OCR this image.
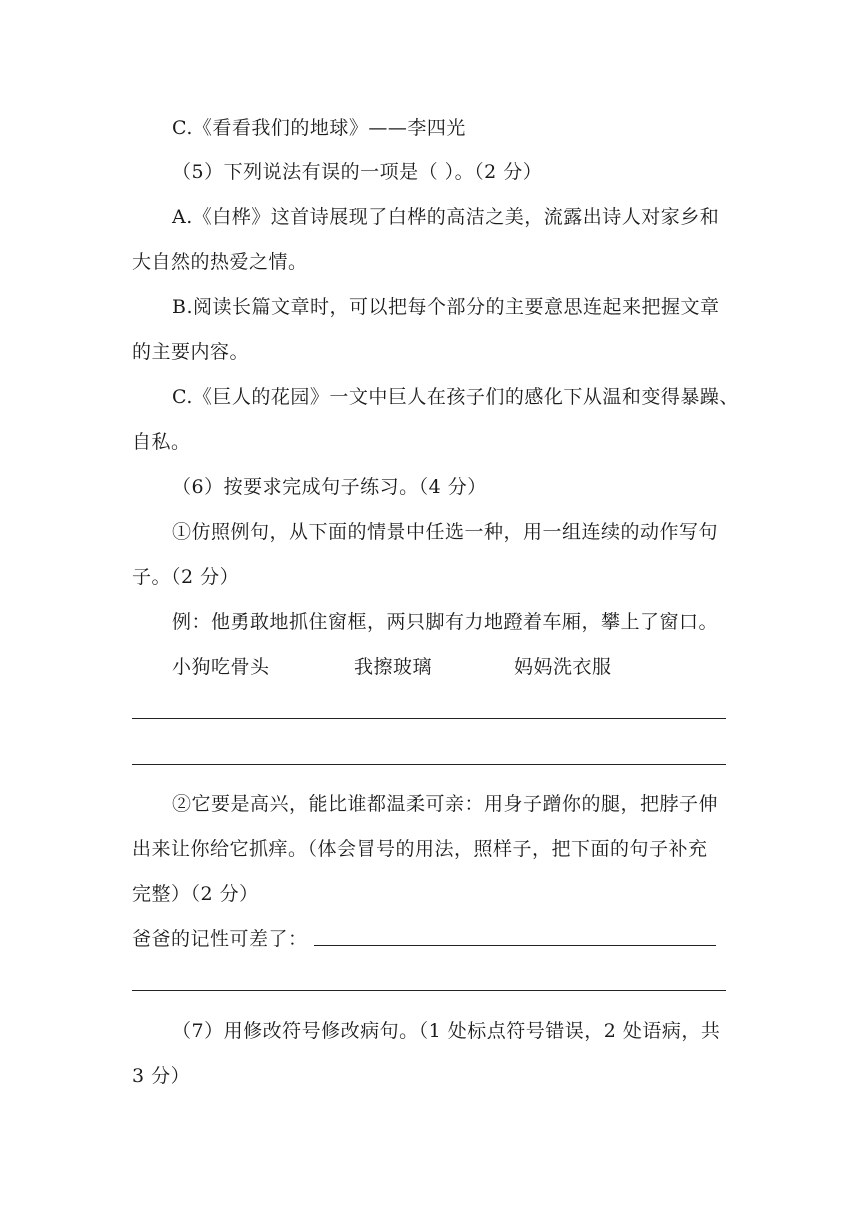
C.《看看我们的地球》——李四光
（5）下列说法有误的一项是（ ）。（2 分）
A.《白桦》这首诗展现了白桦的高洁之美，流露出诗人对家乡和
大自然的热爱之情。
B.阅读长篇文章时，可以把每个部分的主要意思连起来把握文章
的主要内容。
C.《巨人的花园》一文中巨人在孩子们的感化下从温和变得暴躁、
自私。
（6）按要求完成句子练习。（4 分）
①仿照例句，从下面的情景中任选一种，用一组连续的动作写句
子。（2 分）
例：他勇敢地抓住窗框，两只脚有力地蹬着车厢，攀上了窗口。
小狗吃骨头	我擦玻璃	妈妈洗衣服
②它要是高兴，能比谁都温柔可亲：用身子蹭你的腿，把脖子伸
出来让你给它抓痒。（体会冒号的用法，照样子，把下面的句子补充
完整）（2 分）
爸爸的记性可差了：
（7）用修改符号修改病句。（1 处标点符号错误，2 处语病，共
3 分）
